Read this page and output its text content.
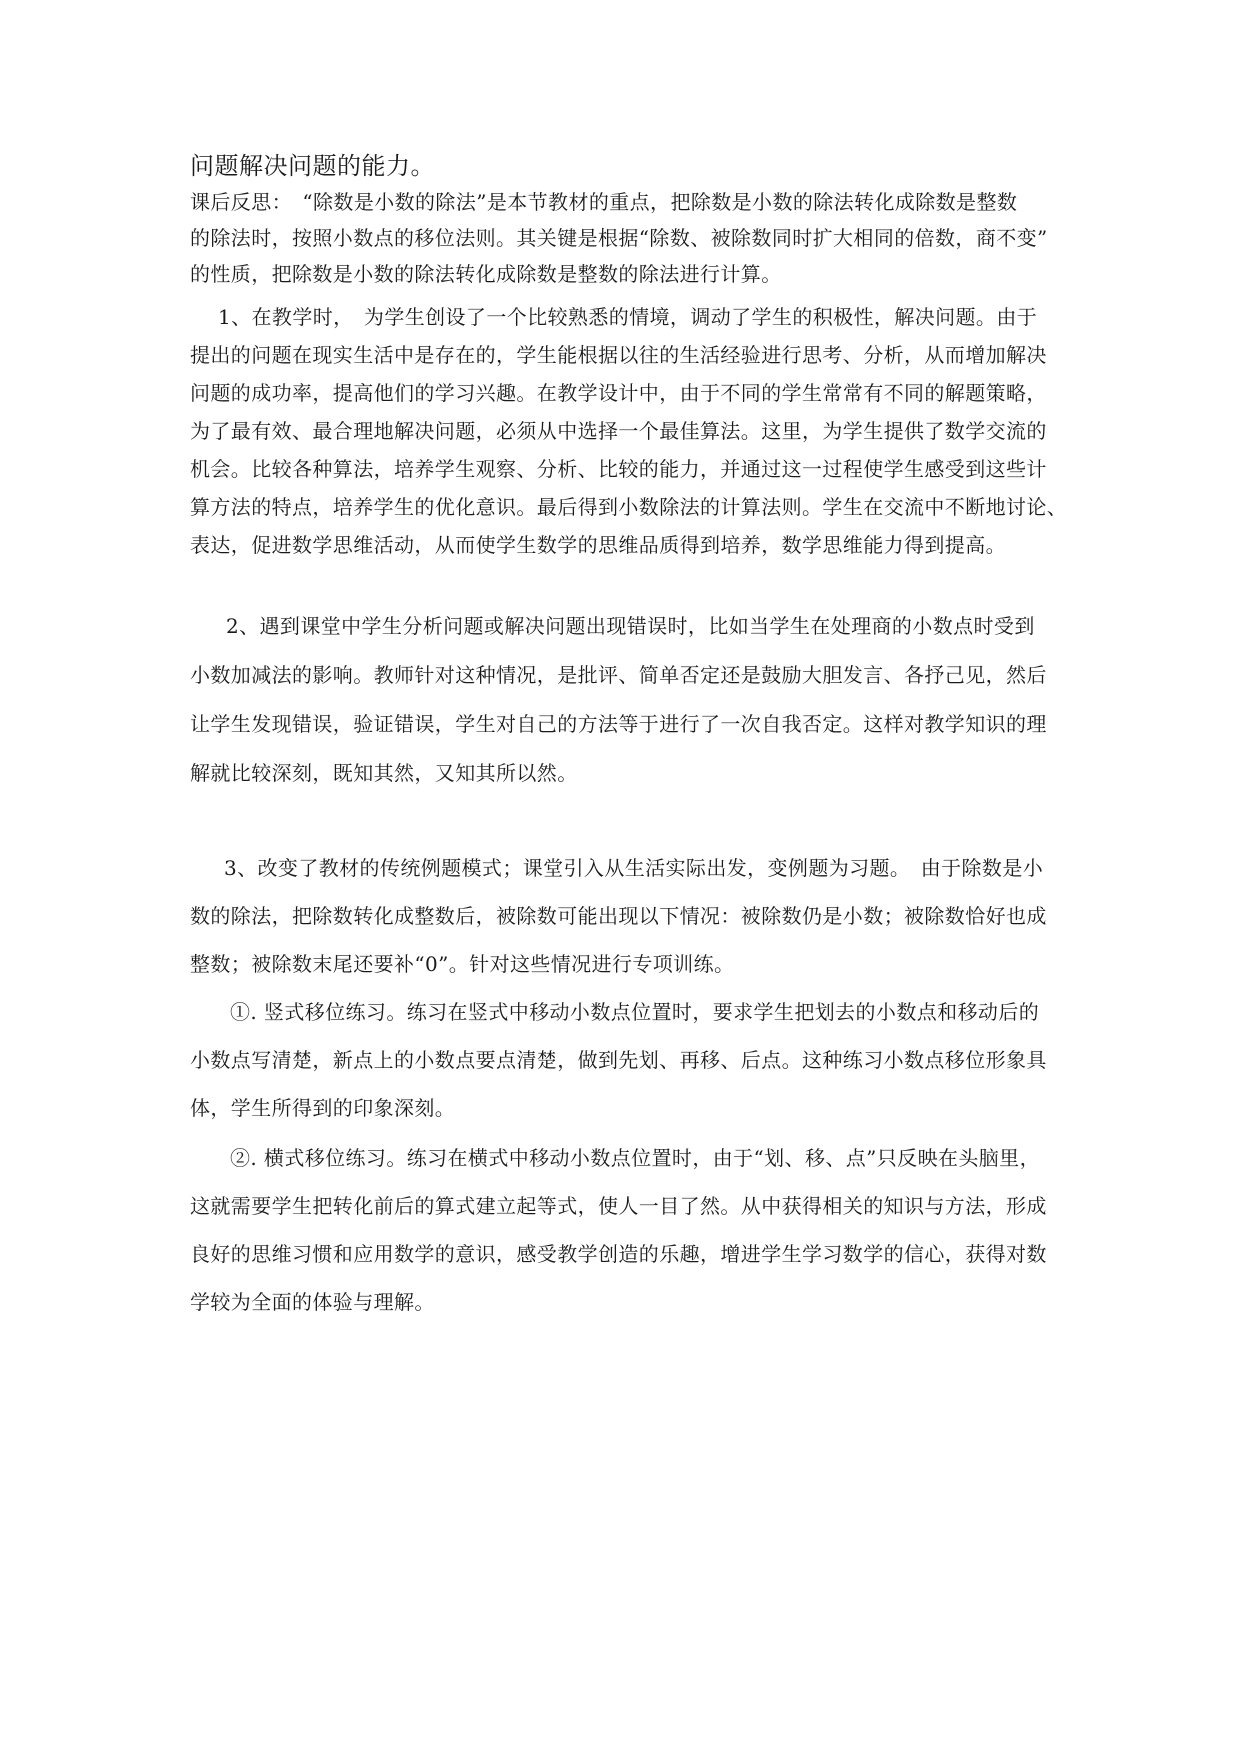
问题解决问题的能力。

课后反思：　“除数是小数的除法”是本节教材的重点，把除数是小数的除法转化成除数是整数

的除法时，按照小数点的移位法则。其关键是根据“除数、被除数同时扩大相同的倍数，商不变”

的性质，把除数是小数的除法转化成除数是整数的除法进行计算。

1、在教学时，　为学生创设了一个比较熟悉的情境，调动了学生的积极性，解决问题。由于

提出的问题在现实生活中是存在的，学生能根据以往的生活经验进行思考、分析，从而增加解决

问题的成功率，提高他们的学习兴趣。在教学设计中，由于不同的学生常常有不同的解题策略，

为了最有效、最合理地解决问题，必须从中选择一个最佳算法。这里，为学生提供了数学交流的

机会。比较各种算法，培养学生观察、分析、比较的能力，并通过这一过程使学生感受到这些计

算方法的特点，培养学生的优化意识。最后得到小数除法的计算法则。学生在交流中不断地讨论、

表达，促进数学思维活动，从而使学生数学的思维品质得到培养，数学思维能力得到提高。

2、遇到课堂中学生分析问题或解决问题出现错误时，比如当学生在处理商的小数点时受到

小数加减法的影响。教师针对这种情况，是批评、简单否定还是鼓励大胆发言、各抒己见，然后

让学生发现错误，验证错误，学生对自己的方法等于进行了一次自我否定。这样对教学知识的理

解就比较深刻，既知其然，又知其所以然。

3、改变了教材的传统例题模式；课堂引入从生活实际出发，变例题为习题。　由于除数是小

数的除法，把除数转化成整数后，被除数可能出现以下情况：被除数仍是小数；被除数恰好也成

整数；被除数末尾还要补“0”。针对这些情况进行专项训练。

①. 竖式移位练习。练习在竖式中移动小数点位置时，要求学生把划去的小数点和移动后的

小数点写清楚，新点上的小数点要点清楚，做到先划、再移、后点。这种练习小数点移位形象具

体，学生所得到的印象深刻。

②. 横式移位练习。练习在横式中移动小数点位置时，由于“划、移、点”只反映在头脑里，

这就需要学生把转化前后的算式建立起等式，使人一目了然。从中获得相关的知识与方法，形成

良好的思维习惯和应用数学的意识，感受教学创造的乐趣，增进学生学习数学的信心，获得对数

学较为全面的体验与理解。
